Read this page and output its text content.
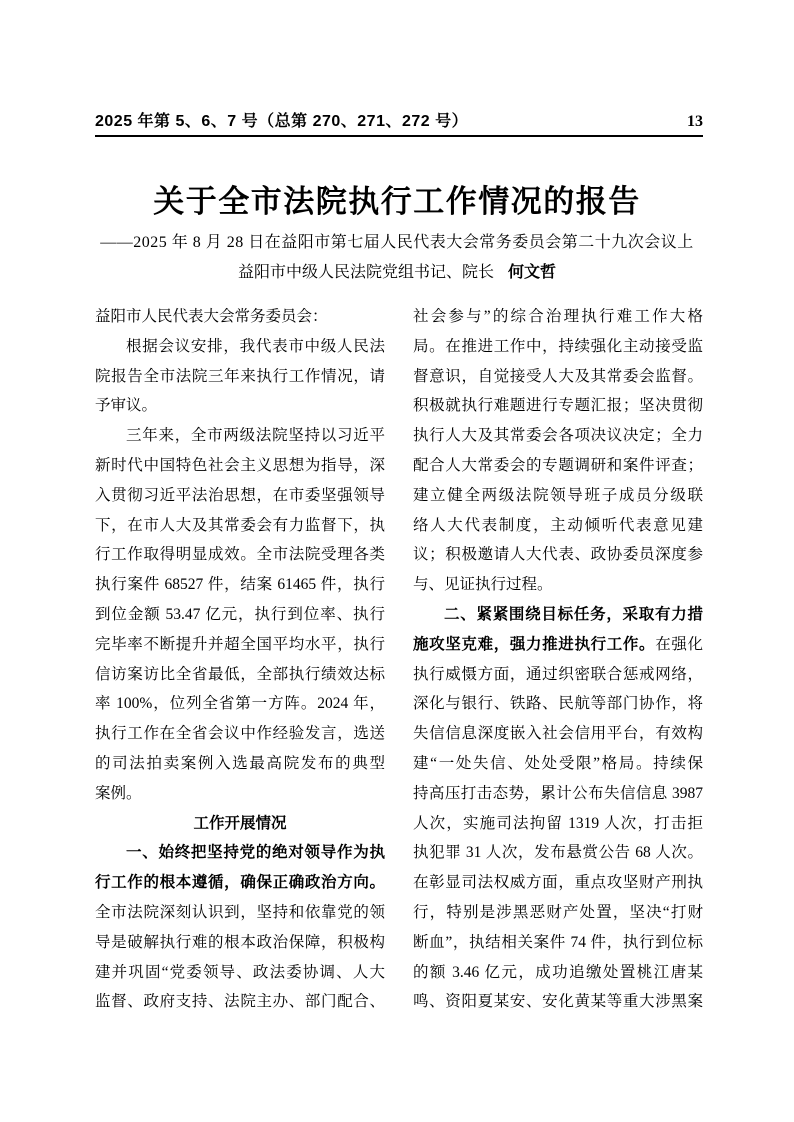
2025 年第 5、6、7 号（总第 270、271、272 号）	13
关于全市法院执行工作情况的报告
——2025 年 8 月 28 日在益阳市第七届人民代表大会常务委员会第二十九次会议上
益阳市中级人民法院党组书记、院长 何文哲
益阳市人民代表大会常务委员会：
根据会议安排，我代表市中级人民法
院报告全市法院三年来执行工作情况，请
予审议。
三年来，全市两级法院坚持以习近平
新时代中国特色社会主义思想为指导，深
入贯彻习近平法治思想，在市委坚强领导
下，在市人大及其常委会有力监督下，执
行工作取得明显成效。全市法院受理各类
执行案件 68527 件，结案 61465 件，执行
到位金额 53.47 亿元，执行到位率、执行
完毕率不断提升并超全国平均水平，执行
信访案访比全省最低，全部执行绩效达标
率 100%，位列全省第一方阵。2024 年，
执行工作在全省会议中作经验发言，选送
的司法拍卖案例入选最高院发布的典型
案例。
工作开展情况
一、始终把坚持党的绝对领导作为执
行工作的根本遵循，确保正确政治方向。
全市法院深刻认识到，坚持和依靠党的领
导是破解执行难的根本政治保障，积极构
建并巩固“党委领导、政法委协调、人大
监督、政府支持、法院主办、部门配合、
社会参与”的综合治理执行难工作大格
局。在推进工作中，持续强化主动接受监
督意识，自觉接受人大及其常委会监督。
积极就执行难题进行专题汇报；坚决贯彻
执行人大及其常委会各项决议决定；全力
配合人大常委会的专题调研和案件评查；
建立健全两级法院领导班子成员分级联
络人大代表制度，主动倾听代表意见建
议；积极邀请人大代表、政协委员深度参
与、见证执行过程。
二、紧紧围绕目标任务，采取有力措
施攻坚克难，强力推进执行工作。在强化
执行威慑方面，通过织密联合惩戒网络，
深化与银行、铁路、民航等部门协作，将
失信信息深度嵌入社会信用平台，有效构
建“一处失信、处处受限”格局。持续保
持高压打击态势，累计公布失信信息 3987
人次，实施司法拘留 1319 人次，打击拒
执犯罪 31 人次，发布悬赏公告 68 人次。
在彰显司法权威方面，重点攻坚财产刑执
行，特别是涉黑恶财产处置，坚决“打财
断血”，执结相关案件 74 件，执行到位标
的额 3.46 亿元，成功追缴处置桃江唐某
鸣、资阳夏某安、安化黄某等重大涉黑案
